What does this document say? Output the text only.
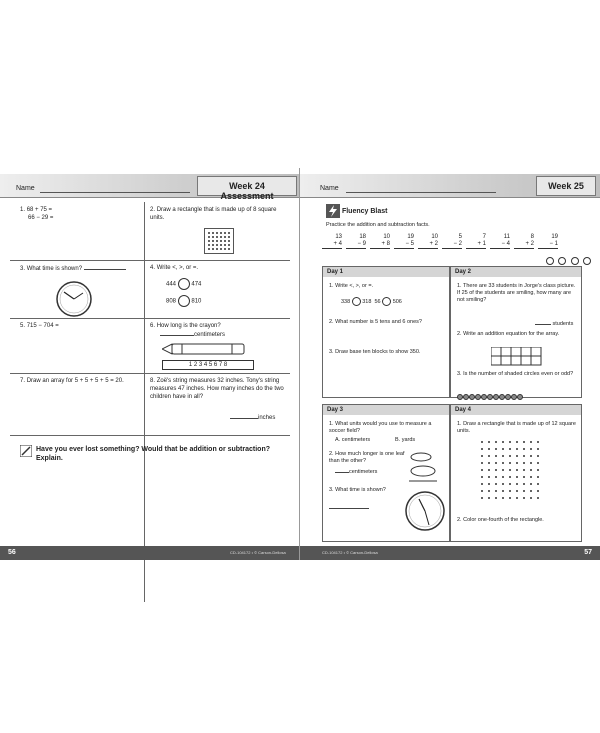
Name	Week 24 Assessment
1. 68 + 75 =
66 − 29 =
2. Draw a rectangle that is made up of 8 square units.
3. What time is shown?	4. Write <, >, or =.
444	474
808	810
5. 715 − 704 =	6. How long is the crayon?
centimeters
1 2 3 4 5 6 7 8
7. Draw an array for 5 + 5 + 5 + 5 = 20.	8. Zoë's string measures 32 inches. Tony's string measures 47 inches. How many inches do the two children have in all?
inches
Have you ever lost something? Would that be addition or subtraction? Explain.
56	CD-104172 • © Carson-Dellosa
Name	Week 25
Fluency Blast
Practice the addition and subtraction facts.
13
+ 4
18
− 9
10
+ 8
19
− 5
10
+ 2
5
− 2
7
+ 1
11
− 4
8
+ 2
19
− 1

Day 1
1. Write <, >, or =.
338 318 56 506
2. What number is 5 tens and 6 ones?
3. Draw base ten blocks to show 350.
Day 2
1. There are 33 students in Jorge's class picture. If 25 of the students are smiling, how many are not smiling?
students
2. Write an addition equation for the array.
3. Is the number of shaded circles even or odd?
Day 3
1. What units would you use to measure a soccer field?
A. centimeters	B. yards
2. How much longer is one leaf than the other?
centimeters
3. What time is shown?
Day 4
1. Draw a rectangle that is made up of 12 square units.
2. Color one-fourth of the rectangle.
CD-104172 • © Carson-Dellosa	57
